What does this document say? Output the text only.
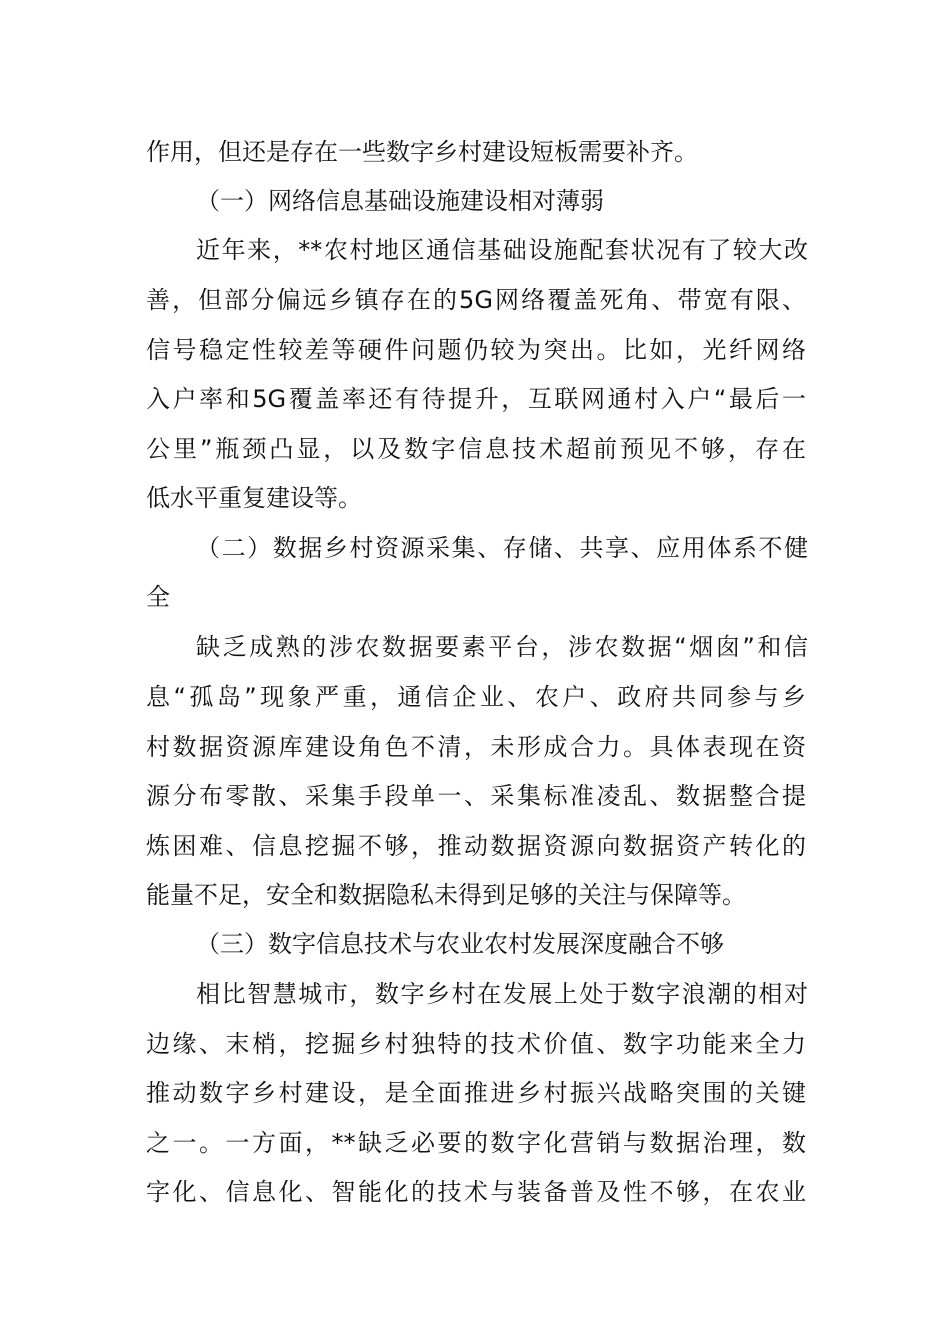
作用，但还是存在一些数字乡村建设短板需要补齐。
（一）网络信息基础设施建设相对薄弱
近年来，**农村地区通信基础设施配套状况有了较大改
善，但部分偏远乡镇存在的5G网络覆盖死角、带宽有限、
信号稳定性较差等硬件问题仍较为突出。比如，光纤网络
入户率和5G覆盖率还有待提升，互联网通村入户“最后一
公里”瓶颈凸显，以及数字信息技术超前预见不够，存在
低水平重复建设等。
（二）数据乡村资源采集、存储、共享、应用体系不健
全
缺乏成熟的涉农数据要素平台，涉农数据“烟囱”和信
息“孤岛”现象严重，通信企业、农户、政府共同参与乡
村数据资源库建设角色不清，未形成合力。具体表现在资
源分布零散、采集手段单一、采集标准凌乱、数据整合提
炼困难、信息挖掘不够，推动数据资源向数据资产转化的
能量不足，安全和数据隐私未得到足够的关注与保障等。
（三）数字信息技术与农业农村发展深度融合不够
相比智慧城市，数字乡村在发展上处于数字浪潮的相对
边缘、末梢，挖掘乡村独特的技术价值、数字功能来全力
推动数字乡村建设，是全面推进乡村振兴战略突围的关键
之一。一方面，**缺乏必要的数字化营销与数据治理，数
字化、信息化、智能化的技术与装备普及性不够，在农业
